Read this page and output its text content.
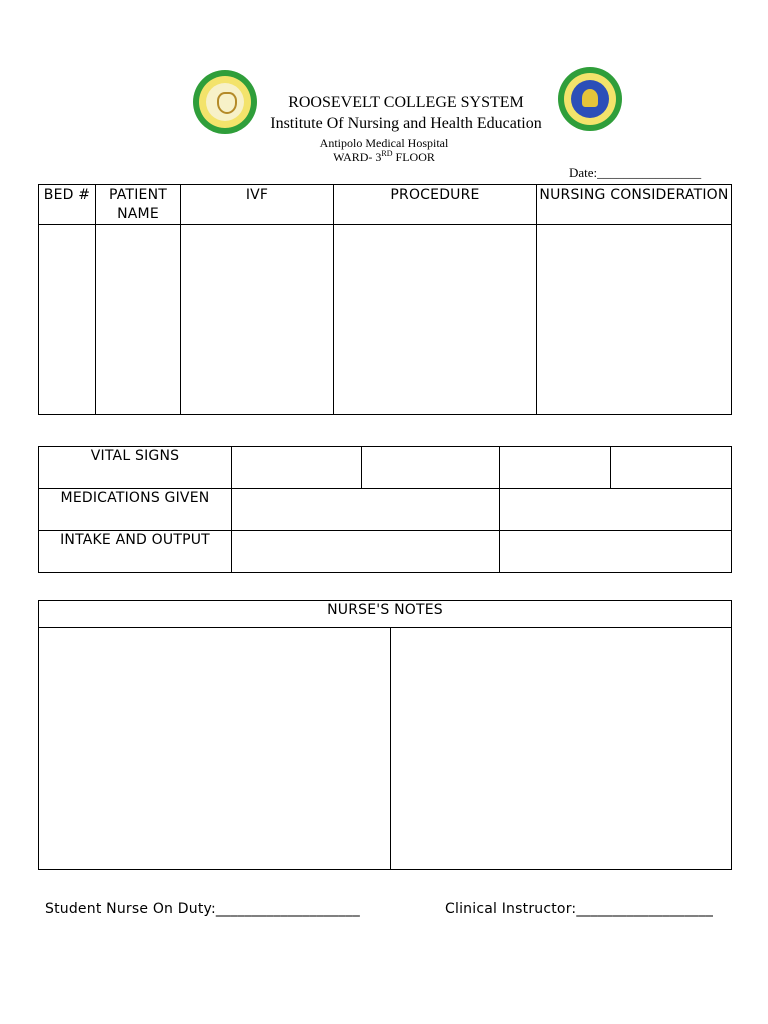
ROOSEVELT COLLEGE SYSTEM
Institute Of Nursing and Health Education
Antipolo Medical Hospital
WARD- 3RD FLOOR
Date:________________
BED #	PATIENT NAME	IVF	PROCEDURE	NURSING CONSIDERATION

VITAL SIGNS				
MEDICATIONS GIVEN				
INTAKE AND OUTPUT				
NURSE'S NOTES

Student Nurse On Duty:____________________	Clinical Instructor:___________________
